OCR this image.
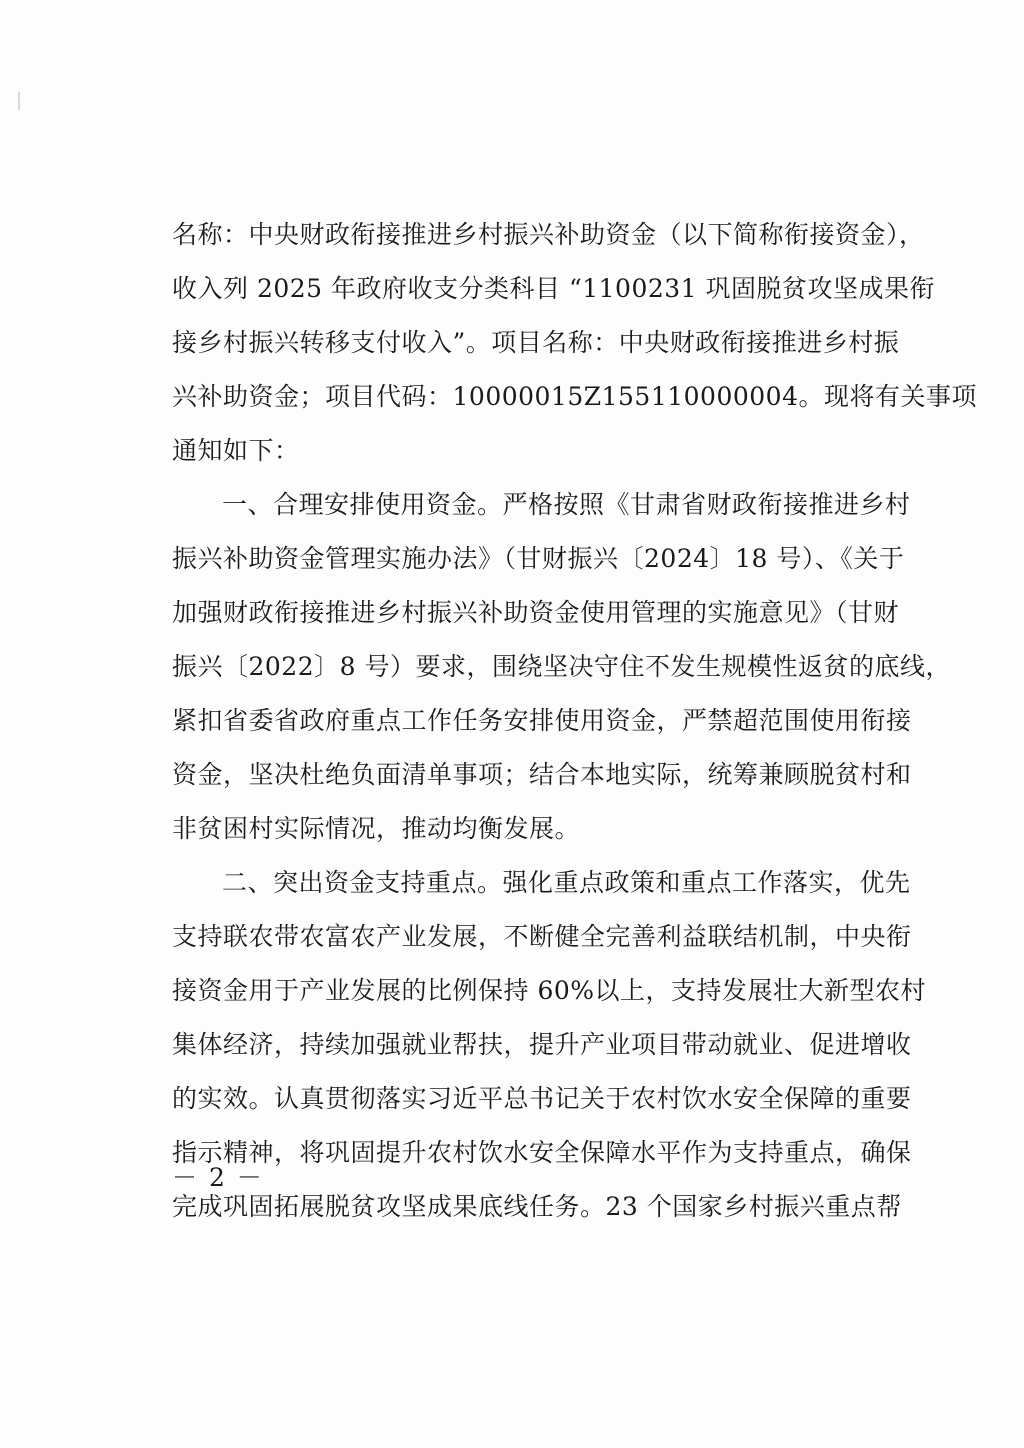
名称：中央财政衔接推进乡村振兴补助资金（以下简称衔接资金），
收入列 2025 年政府收支分类科目 “1100231 巩固脱贫攻坚成果衔
接乡村振兴转移支付收入”。项目名称：中央财政衔接推进乡村振
兴补助资金；项目代码：10000015Z155110000004。现将有关事项
通知如下：
一、合理安排使用资金。严格按照《甘肃省财政衔接推进乡村
振兴补助资金管理实施办法》（甘财振兴〔2024〕18 号）、《关于
加强财政衔接推进乡村振兴补助资金使用管理的实施意见》（甘财
振兴〔2022〕8 号）要求，围绕坚决守住不发生规模性返贫的底线，
紧扣省委省政府重点工作任务安排使用资金，严禁超范围使用衔接
资金，坚决杜绝负面清单事项；结合本地实际，统筹兼顾脱贫村和
非贫困村实际情况，推动均衡发展。
二、突出资金支持重点。强化重点政策和重点工作落实，优先
支持联农带农富农产业发展，不断健全完善利益联结机制，中央衔
接资金用于产业发展的比例保持 60%以上，支持发展壮大新型农村
集体经济，持续加强就业帮扶，提升产业项目带动就业、促进增收
的实效。认真贯彻落实习近平总书记关于农村饮水安全保障的重要
指示精神，将巩固提升农村饮水安全保障水平作为支持重点，确保
完成巩固拓展脱贫攻坚成果底线任务。23 个国家乡村振兴重点帮
－ 2 －
